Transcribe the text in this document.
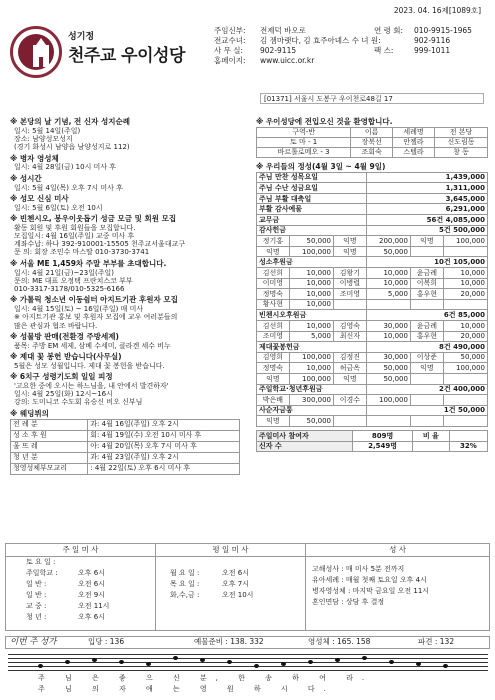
2023. 04. 16제[1089호]
성기정
천주교 우이성당
주임신부: 전제덕 바오로	연 령 회: 010-9915-1965
전교수녀: 김 젬마랫다, 김 효주아녜스 수 녀 원:	902-9116
사 무 실: 902-9115	팩 스:	999-1011
홈페이지: www.uicc.or.kr
[01371] 서울시 도봉구 우이천로48길 17
※ 본당의 날 기념, 전 신자 성지순례
일시: 5월 14일(주일)
장소: 남양성모성지
(경기 화성시 남양읍 남양성지로 112)
※ 병자 영성체
일시: 4월 28일(금) 10시 미사 후
※ 성시간
일시: 5월 4일(목) 오후 7시 미사 후
※ 성모 신심 미사
일시: 5월 6일(토) 오전 10시
※ 빈첸시오, 봉우이웃돕기 성금 모금 및 회원 모집
활동 회원 및 후원 회원들을 모집합니다.
모집일시: 4월 16일(주일) 교중 미사 후
계좌수납: 하나 392-910001-15505 천주교서울대교구
문 의: 회장 조민수 마스딸 010-3730-3741
※ 서울 ME 1,459차 주말 부부를 초대합니다.
일시: 4월 21일(금)~23일(주일)
문의: ME 대표 오정택 프란치스코 부부
010-3317-3178/010-5325-6166
※ 가톨릭 청소년 이동쉼터 아지트기관 후원자 모집
일시: 4월 15일(토) ~ 16일(주일) 매 미사
※ 아지트기관 홍보 및 후원자 모집에 교우 여러분들의
많은 관심과 협조 바랍니다.
※ 성물방 판매(전환경 주방세제)
품목: 주방 EM 세제, 삼베 수세미, 클라겐 세수 비누
※ 제대 꽃 봉헌 받습니다(사무실)
5월은 성모 성월입니다. 제대 꽃 봉헌을 받습니다.
※ 6치구 성령기도회 일일 피정
'고요한 중에 오시는 하느님을, 내 안에서 발견하자'
일시: 4월 25일(화) 12시~16시
강의: 도미니코 수도회 유승신 비오 신부님
※ 웨딩뷔의
전 례 분	과: 4월 16일(주일) 오후 2시
성 소 후 원	회: 4월 19일(수) 오전 10시 미사 후
울 뜨 레	아: 4월 20일(목) 오후 7시 미사 후
청 년 분	과: 4월 23일(주일) 오후 2시
청영성체부모교리	: 4월 22일(토) 오후 6시 미사 후
※ 우이성당에 전입오신 것을 환영합니다.
구역-반	이름	세례명	전 본당
토 마 - 1	장북선	안젤라	신도림동
바르톨로메오 - 3	조회숙	스텔라	창 동
※ 우리들의 정성(4월 3일 ~ 4월 9일)
주님 만찬 성목요일			1,439,000		
주님 수난 성금요일			1,311,000		
주님 부활 대축일			3,645,000		
부활 감사예물			6,291,000		
교무금			56건 4,085,000		
감사헌금			5건 500,000		
정기홍	50,000	익명	200,000	익명	100,000
익명	100,000	익명	50,000		
성소후원금			10건 105,000		
김선희	10,000	김왕기	10,000	윤금례	10,000
이미영	10,000	이병렬	10,000	이복희	10,000
정명숙	10,000	조미영	5,000	홍우현	20,000
황사현	10,000				
빈첸시오후원금			6건 85,000		
김선희	10,000	김영숙	30,000	윤금례	10,000
조미영	5,000	최신자	10,000	홍우현	20,000
제대꽃봉헌금			8건 490,000		
김영희	100,000	김정진	30,000	이상준	50,000
정명숙	10,000	허금옥	50,000	익명	100,000
익명	100,000	익명	50,000		
주일학교·청년후원금			2건 400,000		
박은배	300,000	이경수	100,000		
사순자금통			1건 50,000		
익명	50,000				
주일미사 참여자	809명	비 율	
신자 수	2,549명		32%
주 일 미 사
토 요 일 :
주일학교 :	오후 6시
일 반 :	오전 6시
일 반 :	오전 9시
교 중 :	오전 11시
청 년 :	오후 6시
평 일 미 사
월 요 일 :	오전 6시
목 요 일 :	오후 7시
화,수,금 :	오전 10시
성 사
고해성사 : 매 미사 5분 전까지
유아세례 : 매월 첫째 토요일 오후 4시
병자영성체 : 마지막 금요일 오전 11시
혼인면담 : 상담 후 결정
이번 주 성가	입당 : 136	예물준비 : 138. 332	영성체 : 165. 158	파견 : 132
주 님 은 좋 으 신 분, 한 송 하 여 라.
주 님 의 자 애 는 영 원 하 시 다.
